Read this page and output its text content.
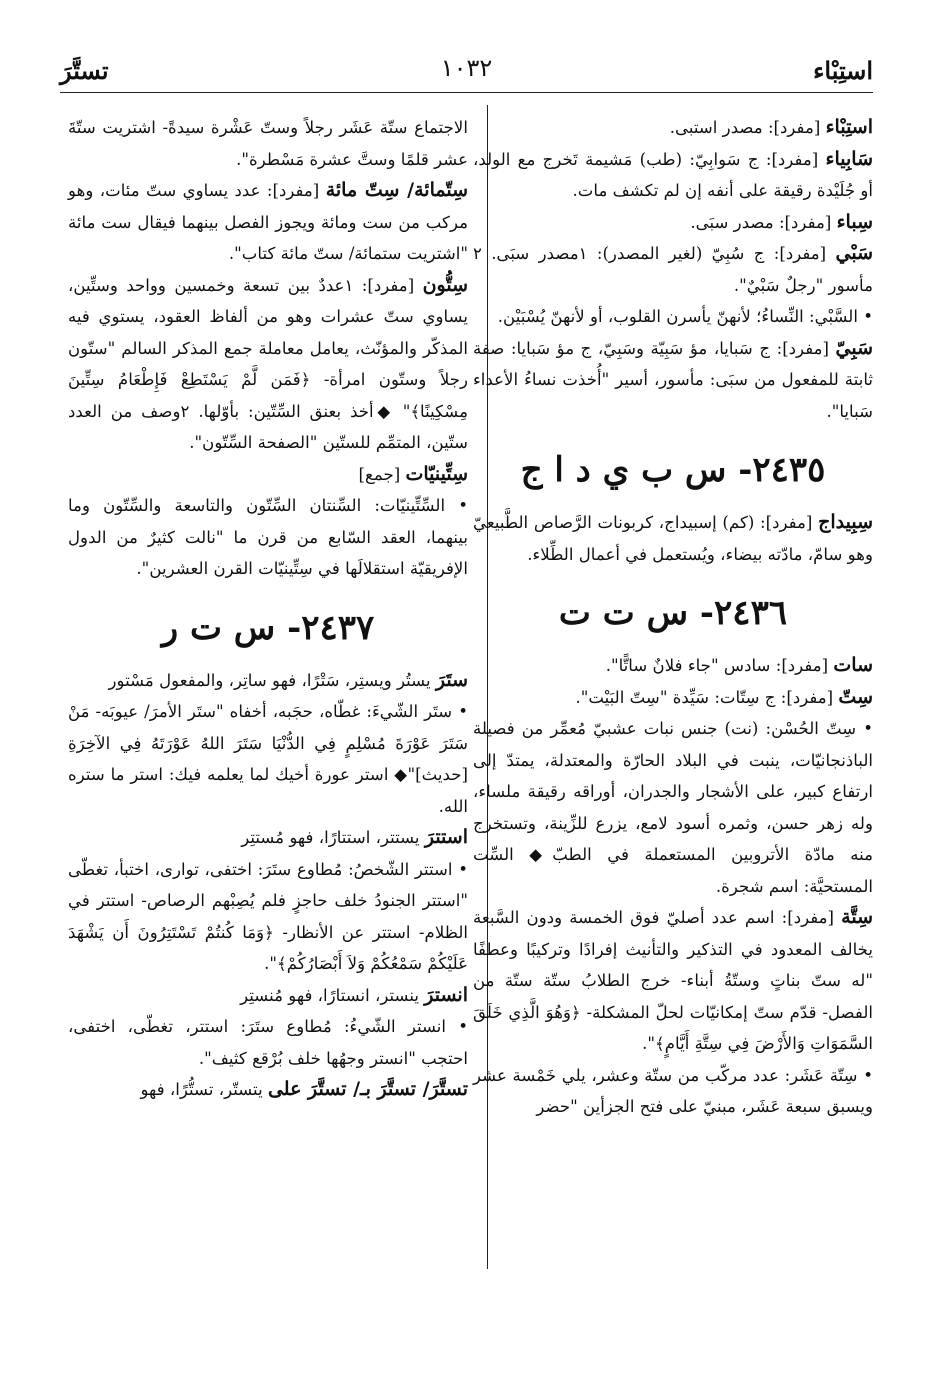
استِبْاء
١٠٣٢
تستَّرَ

استِبْاء [مفرد]: مصدر استبى.

سَابِياء [مفرد]: ج سَوابِيّ: (طب) مَشيمة تَخرج مع الولد، أو جُلَيْدة رقيقة على أنفه إن لم تكشف مات.

سِباء [مفرد]: مصدر سبَى.

سَبْي [مفرد]: ج سُبِيّ (لغير المصدر): ١مصدر سبَى. ٢ مأسور "رجلٌ سَبْيٌ".

• السَّبْي: النِّساءُ؛ لأنهنّ يأسرن القلوب، أو لأنهنّ يُسْبَيْن.

سَبِيّ [مفرد]: ج سَبايا، مؤ سَبِيّة وسَبِيّ، ج مؤ سَبايا: صفة ثابتة للمفعول من سبَى: مأسور، أسير "أُخذت نساءُ الأعداء سَبايا".

٢٤٣٥- س ب ي د ا ج

سِبِيداج [مفرد]: (كم) إسبيداج، كربونات الرَّصاص الطَّبيعيّ وهو سامّ، مادّته بيضاء، ويُستعمل في أعمال الطِّلاء.

٢٤٣٦- س ت ت

سات [مفرد]: سادس "جاء فلانٌ ساتًّا".

سِتّ [مفرد]: ج سِتّات: سَيِّدة "سِتّ البَيْت".

• سِتّ الحُسْن: (نت) جنس نبات عشبيّ مُعمِّر من فصيلة الباذنجانيّات، ينبت في البلاد الحارّة والمعتدلة، يمتدّ إلى ارتفاع كبير، على الأشجار والجدران، أوراقه رقيقة ملساء، وله زهر حسن، وثمره أسود لامع، يزرع للزِّينة، وتستخرج منه مادّة الأتروبين المستعملة في الطبّ◆ السِّت المستحيَّة: اسم شجرة.

سِتَّة [مفرد]: اسم عدد أصليّ فوق الخمسة ودون السَّبعة يخالف المعدود في التذكير والتأنيث إفرادًا وتركيبًا وعطفًا "له ستّ بناتٍ وستّةُ أبناء- خرج الطلابُ ستّة ستّة من الفصل- قدّم ستّ إمكانيّات لحلّ المشكلة- ﴿وَهُوَ الَّذِي خَلَقَ السَّمَوَاتِ وَالأَرْضَ فِي سِتَّةِ أَيَّامٍ﴾".

• سِتّة عَشَر: عدد مركّب من ستّة وعشر، يلي خَمْسة عشر ويسبق سبعة عَشَر، مبنيّ على فتح الجزأين "حضر

الاجتماع ستّة عَشَر رجلاً وستّ عَشْرة سيدةً- اشتريت ستّةَ عشر قلمًا وستَّ عشرة مَسْطرة".

سِتّمائة/ سِتّ مائة [مفرد]: عدد يساوي ستّ مئات، وهو مركب من ست ومائة ويجوز الفصل بينهما فيقال ست مائة "اشتريت ستمائة/ ستّ مائة كتاب".

سِتُّون [مفرد]: ١عددٌ بين تسعة وخمسين وواحد وستِّين، يساوي ستّ عشرات وهو من ألفاظ العقود، يستوي فيه المذكّر والمؤنّث، يعامل معاملة جمع المذكر السالم "ستّون رجلاً وستّون امرأة- ﴿فَمَن لَّمْ يَسْتَطِعْ فَإِطْعَامُ سِتِّينَ مِسْكِينًا﴾" ◆أخذ بعنق السِّتّين: بأوّلها. ٢وصف من العدد ستّين، المتمِّم للستّين "الصفحة السِّتّون".

سِتِّينيّات [جمع]

• السِّتِّينيّات: السِّنتان السِّتّون والتاسعة والسِّتّون وما بينهما، العقد السّابع من قرن ما "نالت كثيرٌ من الدول الإفريقيّة استقلالَها في سِتِّينيّات القرن العشرين".

٢٤٣٧- س ت ر

ستَرَ يستُر ويستِر، سَتْرًا، فهو ساتِر، والمفعول مَسْتور

• ستَر الشّيءَ: غطّاه، حجَبه، أخفاه "ستَر الأمرَ/ عيوبَه- مَنْ سَتَرَ عَوْرَةَ مُسْلِمٍ فِي الدُّنْيَا سَتَرَ اللهُ عَوْرَتَهُ فِي الآخِرَةِ [حديث]"◆ استر عورة أخيك لما يعلمه فيك: استر ما ستره الله.

استترَ يستتر، استتارًا، فهو مُستتِر

• استتر الشّخصُ: مُطاوع ستَرَ: اختفى، توارى، اختبأ، تغطّى "استتر الجنودُ خلف حاجزٍ فلم يُصِبْهم الرصاص- استتر في الظلام- استتر عن الأنظار- ﴿وَمَا كُنتُمْ تَسْتَتِرُونَ أَن يَشْهَدَ عَلَيْكُمْ سَمْعُكُمْ وَلاَ أَبْصَارُكُمْ﴾".

انسترَ ينستر، انستارًا، فهو مُنستِر

• انستر الشّيءُ: مُطاوع ستَرَ: استتر، تغطّى، اختفى، احتجب "انستر وجهُها خلف بُرْقع كثيف".

تستَّرَ/ تستَّرَ بـ/ تستَّرَ على يتستّر، تستُّرًا، فهو
